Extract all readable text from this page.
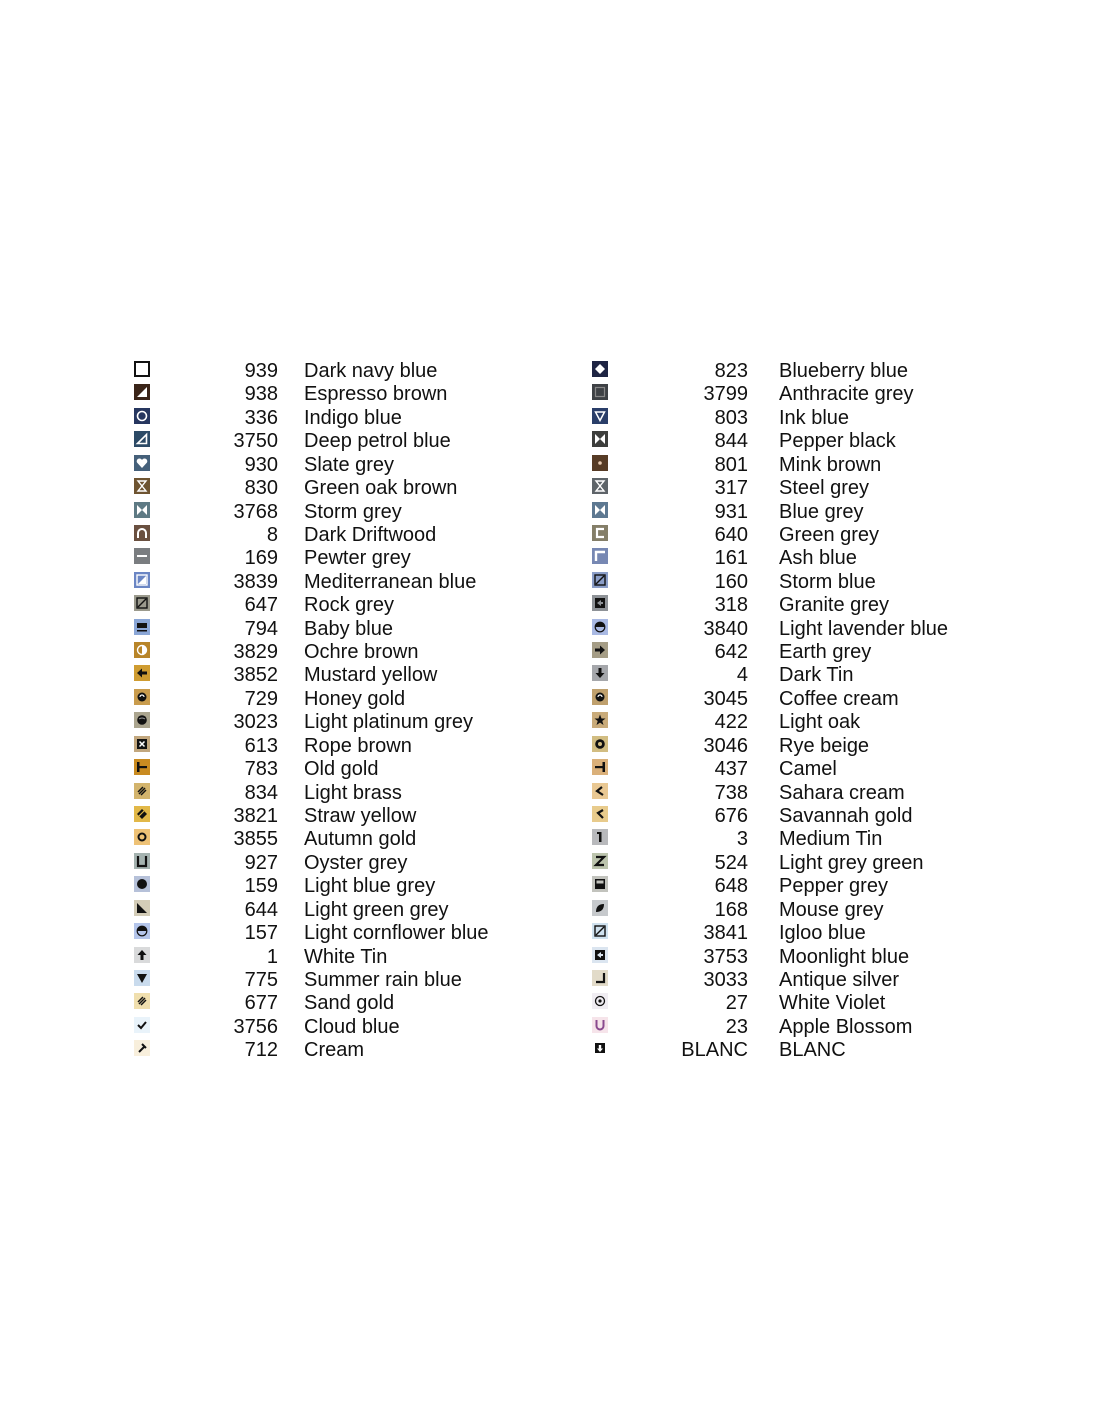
939 Dark navy blue
938 Espresso brown
336 Indigo blue
3750 Deep petrol blue
930 Slate grey
830 Green oak brown
3768 Storm grey
8 Dark Driftwood
169 Pewter grey
3839 Mediterranean blue
647 Rock grey
794 Baby blue
3829 Ochre brown
3852 Mustard yellow
729 Honey gold
3023 Light platinum grey
613 Rope brown
783 Old gold
834 Light brass
3821 Straw yellow
3855 Autumn gold
927 Oyster grey
159 Light blue grey
644 Light green grey
157 Light cornflower blue
1 White Tin
775 Summer rain blue
677 Sand gold
3756 Cloud blue
712 Cream
823 Blueberry blue
3799 Anthracite grey
803 Ink blue
844 Pepper black
801 Mink brown
317 Steel grey
931 Blue grey
640 Green grey
161 Ash blue
160 Storm blue
318 Granite grey
3840 Light lavender blue
642 Earth grey
4 Dark Tin
3045 Coffee cream
422 Light oak
3046 Rye beige
437 Camel
738 Sahara cream
676 Savannah gold
3 Medium Tin
524 Light grey green
648 Pepper grey
168 Mouse grey
3841 Igloo blue
3753 Moonlight blue
3033 Antique silver
27 White Violet
23 Apple Blossom
BLANC BLANC
